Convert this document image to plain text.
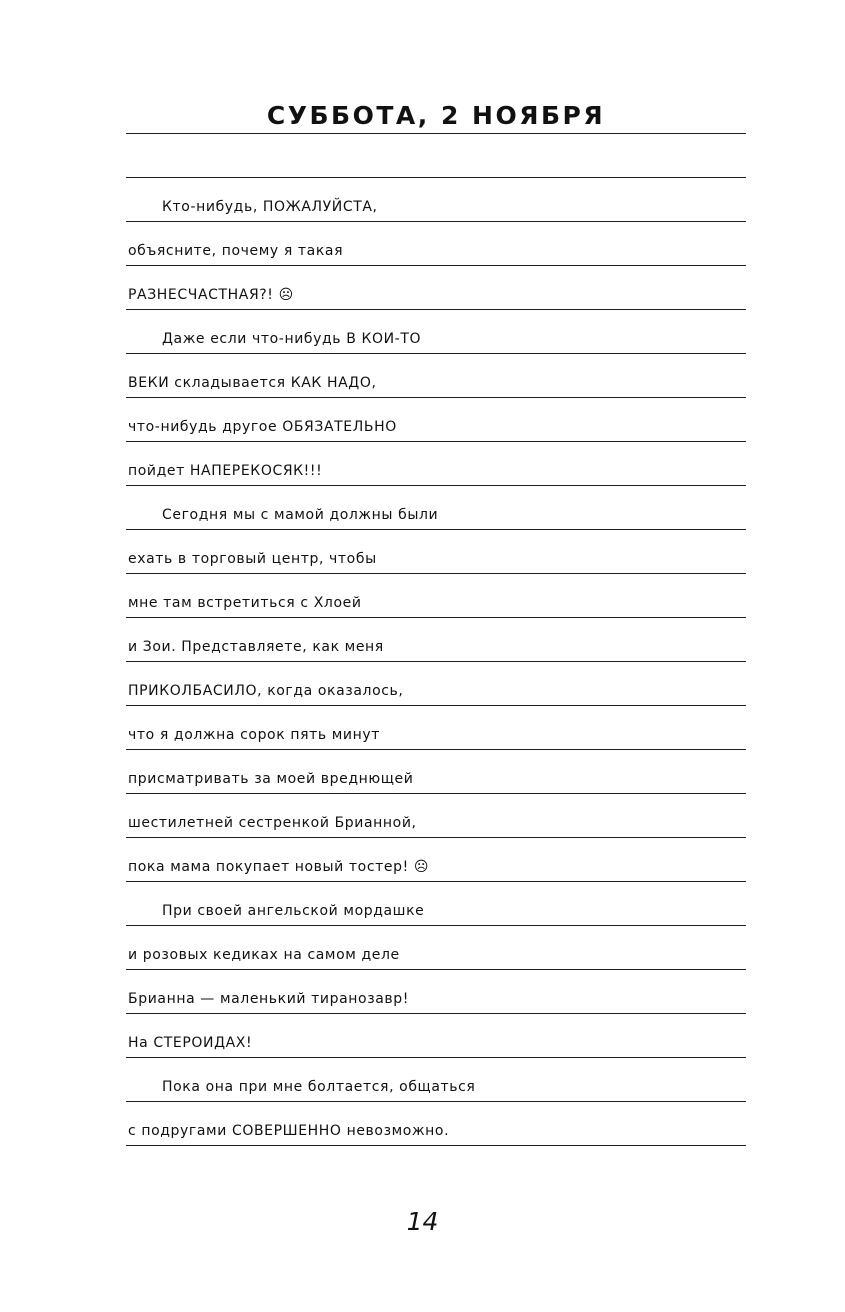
СУББОТА, 2 НОЯБРЯ
Кто-нибудь, ПОЖАЛУЙСТА,
объясните, почему я такая
РАЗНЕСЧАСТНАЯ?! ☹
Даже если что-нибудь В КОИ-ТО
ВЕКИ складывается КАК НАДО,
что-нибудь другое ОБЯЗАТЕЛЬНО
пойдет НАПЕРЕКОСЯК!!!
Сегодня мы с мамой должны были
ехать в торговый центр, чтобы
мне там встретиться с Хлоей
и Зои. Представляете, как меня
ПРИКОЛБАСИЛО, когда оказалось,
что я должна сорок пять минут
присматривать за моей вреднющей
шестилетней сестренкой Брианной,
пока мама покупает новый тостер! ☹
При своей ангельской мордашке
и розовых кедиках на самом деле
Брианна — маленький тиранозавр!
На СТЕРОИДАХ!
Пока она при мне болтается, общаться
с подругами СОВЕРШЕННО невозможно.
14
